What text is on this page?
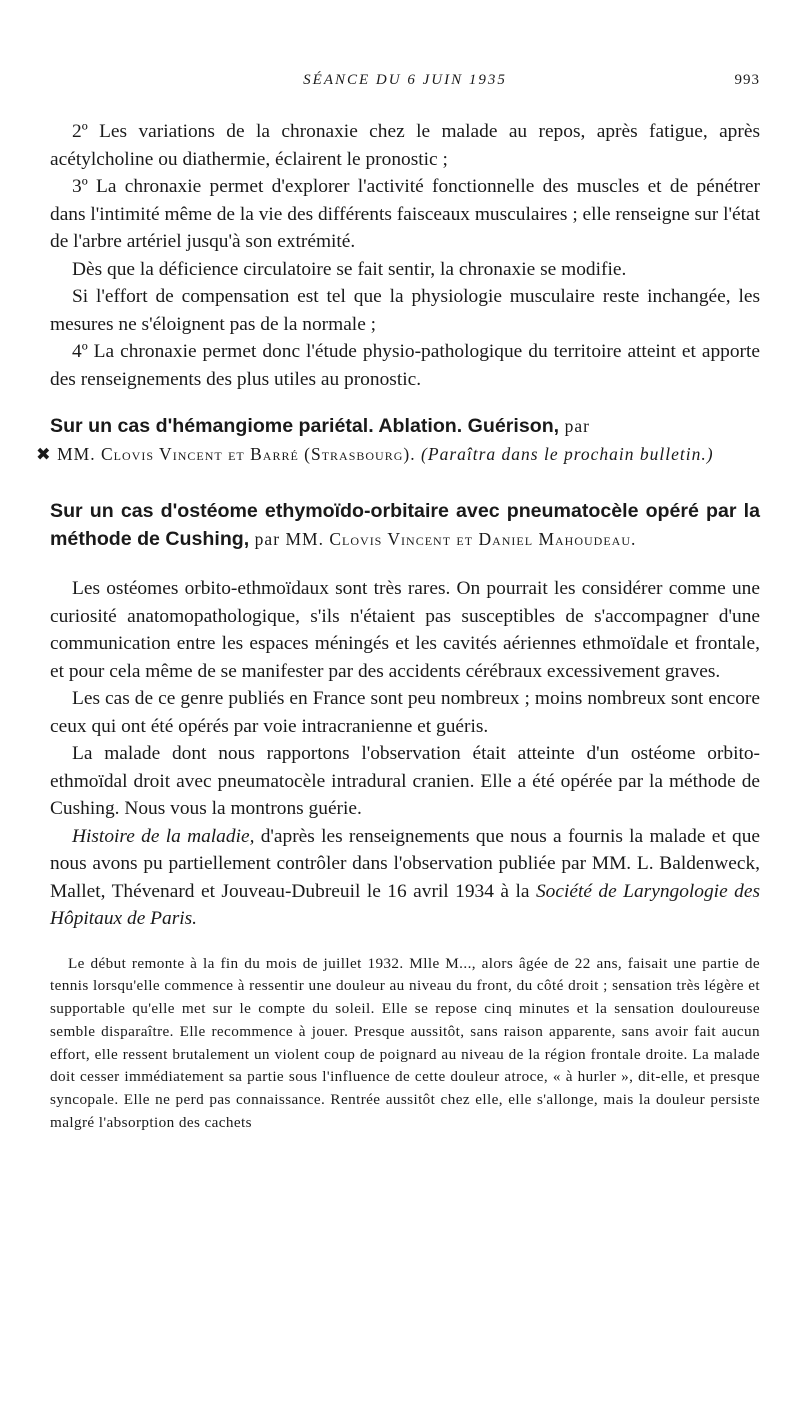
SÉANCE DU 6 JUIN 1935	993

2º Les variations de la chronaxie chez le malade au repos, après fatigue, après acétylcholine ou diathermie, éclairent le pronostic ;

3º La chronaxie permet d'explorer l'activité fonctionnelle des muscles et de pénétrer dans l'intimité même de la vie des différents faisceaux musculaires ; elle renseigne sur l'état de l'arbre artériel jusqu'à son extrémité.

Dès que la déficience circulatoire se fait sentir, la chronaxie se modifie.

Si l'effort de compensation est tel que la physiologie musculaire reste inchangée, les mesures ne s'éloignent pas de la normale ;

4º La chronaxie permet donc l'étude physio-pathologique du territoire atteint et apporte des renseignements des plus utiles au pronostic.

Sur un cas d'hémangiome pariétal. Ablation. Guérison, par
✖ MM. Clovis Vincent et Barré (Strasbourg). (Paraîtra dans le prochain bulletin.)
Sur un cas d'ostéome ethymoïdo-orbitaire avec pneumatocèle opéré par la méthode de Cushing, par MM. Clovis Vincent et Daniel Mahoudeau.

Les ostéomes orbito-ethmoïdaux sont très rares. On pourrait les considérer comme une curiosité anatomopathologique, s'ils n'étaient pas susceptibles de s'accompagner d'une communication entre les espaces méningés et les cavités aériennes ethmoïdale et frontale, et pour cela même de se manifester par des accidents cérébraux excessivement graves.

Les cas de ce genre publiés en France sont peu nombreux ; moins nombreux sont encore ceux qui ont été opérés par voie intracranienne et guéris.

La malade dont nous rapportons l'observation était atteinte d'un ostéome orbito-ethmoïdal droit avec pneumatocèle intradural cranien. Elle a été opérée par la méthode de Cushing. Nous vous la montrons guérie.

Histoire de la maladie, d'après les renseignements que nous a fournis la malade et que nous avons pu partiellement contrôler dans l'observation publiée par MM. L. Baldenweck, Mallet, Thévenard et Jouveau-Dubreuil le 16 avril 1934 à la Société de Laryngologie des Hôpitaux de Paris.

Le début remonte à la fin du mois de juillet 1932. Mlle M..., alors âgée de 22 ans, faisait une partie de tennis lorsqu'elle commence à ressentir une douleur au niveau du front, du côté droit ; sensation très légère et supportable qu'elle met sur le compte du soleil. Elle se repose cinq minutes et la sensation douloureuse semble disparaître. Elle recommence à jouer. Presque aussitôt, sans raison apparente, sans avoir fait aucun effort, elle ressent brutalement un violent coup de poignard au niveau de la région frontale droite. La malade doit cesser immédiatement sa partie sous l'influence de cette douleur atroce, « à hurler », dit-elle, et presque syncopale. Elle ne perd pas connaissance. Rentrée aussitôt chez elle, elle s'allonge, mais la douleur persiste malgré l'absorption des cachets
